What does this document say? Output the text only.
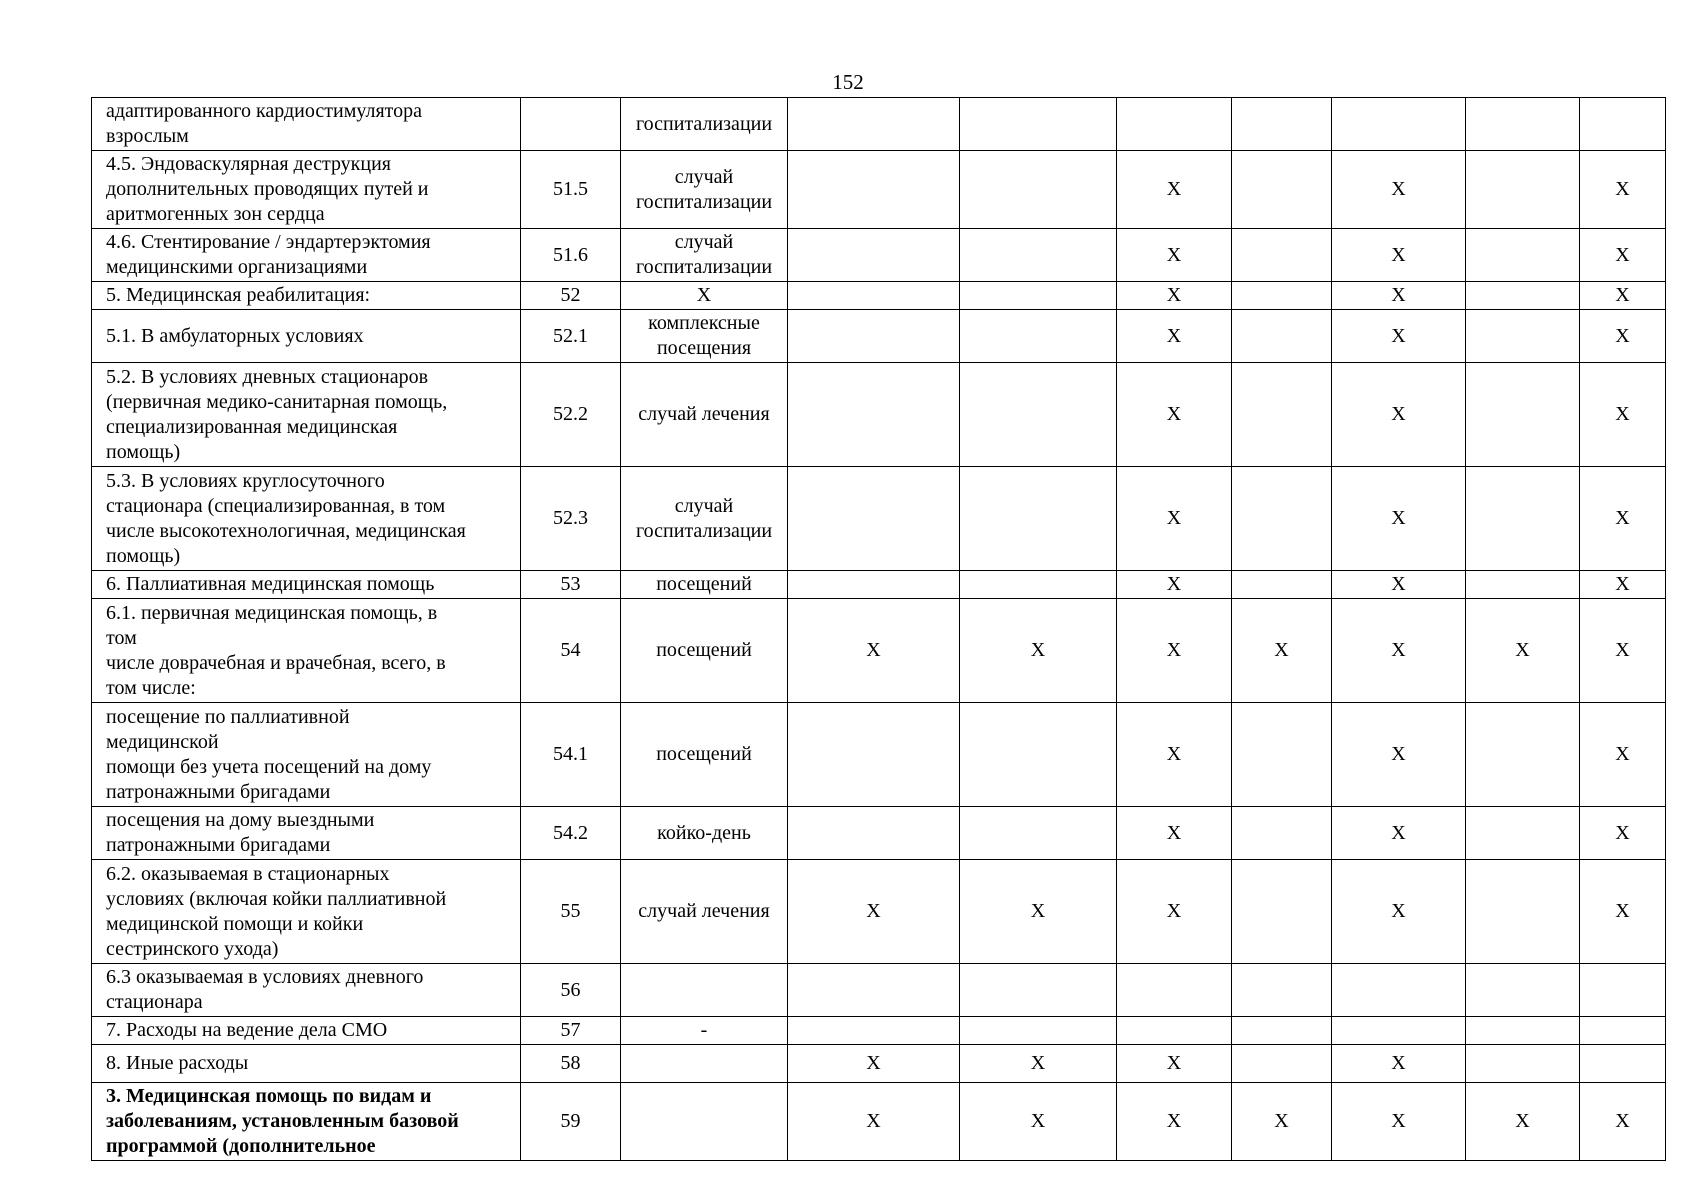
152
адаптированного кардиостимулятора
взрослым		госпитализации							
4.5. Эндоваскулярная деструкция
дополнительных проводящих путей и
аритмогенных зон сердца	51.5	случай госпитализации			X		X		X
4.6. Стентирование / эндартерэктомия
медицинскими организациями	51.6	случай госпитализации			X		X		X
5. Медицинская реабилитация:	52	X			X		X		X
5.1. В амбулаторных условиях	52.1	комплексные посещения			X		X		X
5.2. В условиях дневных стационаров
(первичная медико-санитарная помощь,
специализированная медицинская
помощь)	52.2	случай лечения			X		X		X
5.3. В условиях круглосуточного
стационара (специализированная, в том
числе высокотехнологичная, медицинская
помощь)	52.3	случай госпитализации			X		X		X
6. Паллиативная медицинская помощь	53	посещений			X		X		X
6.1. первичная медицинская помощь, в
том
числе доврачебная и врачебная, всего, в
том числе:	54	посещений	X	X	X	X	X	X	X
посещение по паллиативной
медицинской
помощи без учета посещений на дому
патронажными бригадами	54.1	посещений			X		X		X
посещения на дому выездными
патронажными бригадами	54.2	койко-день			X		X		X
6.2. оказываемая в стационарных
условиях (включая койки паллиативной
медицинской помощи и койки
сестринского ухода)	55	случай лечения	X	X	X		X		X
6.3 оказываемая в условиях дневного
стационара	56								
7. Расходы на ведение дела СМО	57	-							
8. Иные расходы	58		X	X	X		X		
3. Медицинская помощь по видам и
заболеваниям, установленным базовой
программой (дополнительное	59		X	X	X	X	X	X	X
